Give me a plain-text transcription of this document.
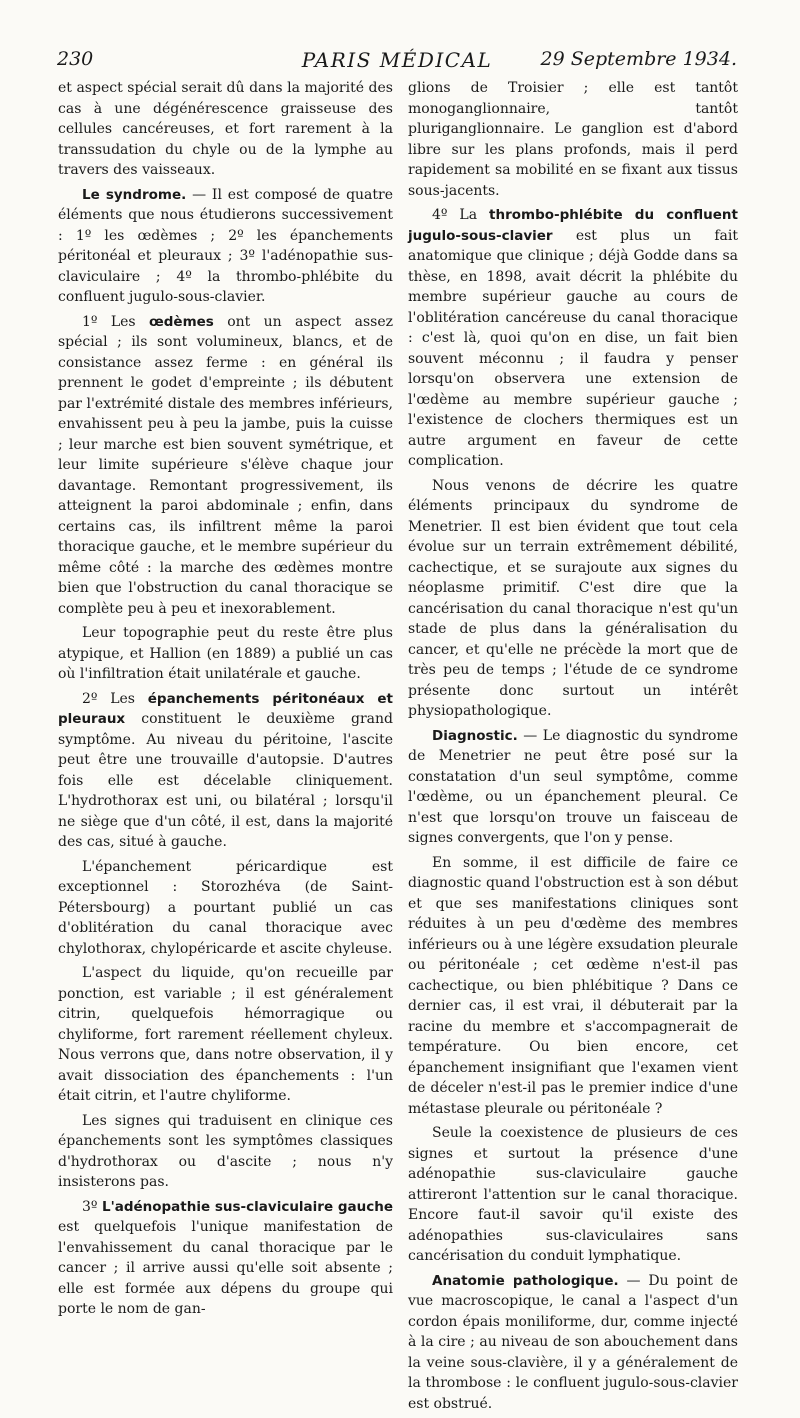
230	PARIS MÉDICAL	29 Septembre 1934.

et aspect spécial serait dû dans la majorité des cas à une dégénérescence graisseuse des cellules cancéreuses, et fort rarement à la transsudation du chyle ou de la lymphe au travers des vaisseaux.

Le syndrome. — Il est composé de quatre éléments que nous étudierons successivement : 1º les œdèmes ; 2º les épanchements péritonéal et pleuraux ; 3º l'adénopathie sus-claviculaire ; 4º la thrombo-phlébite du confluent jugulo-sous-clavier.

1º Les œdèmes ont un aspect assez spécial ; ils sont volumineux, blancs, et de consistance assez ferme : en général ils prennent le godet d'empreinte ; ils débutent par l'extrémité distale des membres inférieurs, envahissent peu à peu la jambe, puis la cuisse ; leur marche est bien souvent symétrique, et leur limite supérieure s'élève chaque jour davantage. Remontant progressivement, ils atteignent la paroi abdominale ; enfin, dans certains cas, ils infiltrent même la paroi thoracique gauche, et le membre supérieur du même côté : la marche des œdèmes montre bien que l'obstruction du canal thoracique se complète peu à peu et inexorablement.

Leur topographie peut du reste être plus atypique, et Hallion (en 1889) a publié un cas où l'infiltration était unilatérale et gauche.

2º Les épanchements péritonéaux et pleuraux constituent le deuxième grand symptôme. Au niveau du péritoine, l'ascite peut être une trouvaille d'autopsie. D'autres fois elle est décelable cliniquement. L'hydrothorax est uni, ou bilatéral ; lorsqu'il ne siège que d'un côté, il est, dans la majorité des cas, situé à gauche.

L'épanchement péricardique est exceptionnel : Storozhéva (de Saint-Pétersbourg) a pourtant publié un cas d'oblitération du canal thoracique avec chylothorax, chylopéricarde et ascite chyleuse.

L'aspect du liquide, qu'on recueille par ponction, est variable ; il est généralement citrin, quelquefois hémorragique ou chyliforme, fort rarement réellement chyleux. Nous verrons que, dans notre observation, il y avait dissociation des épanchements : l'un était citrin, et l'autre chyliforme.

Les signes qui traduisent en clinique ces épanchements sont les symptômes classiques d'hydrothorax ou d'ascite ; nous n'y insisterons pas.

3º L'adénopathie sus-claviculaire gauche est quelquefois l'unique manifestation de l'envahissement du canal thoracique par le cancer ; il arrive aussi qu'elle soit absente ; elle est formée aux dépens du groupe qui porte le nom de gan-

glions de Troisier ; elle est tantôt monoganglionnaire, tantôt pluriganglionnaire. Le ganglion est d'abord libre sur les plans profonds, mais il perd rapidement sa mobilité en se fixant aux tissus sous-jacents.

4º La thrombo-phlébite du confluent jugulo-sous-clavier est plus un fait anatomique que clinique ; déjà Godde dans sa thèse, en 1898, avait décrit la phlébite du membre supérieur gauche au cours de l'oblitération cancéreuse du canal thoracique : c'est là, quoi qu'on en dise, un fait bien souvent méconnu ; il faudra y penser lorsqu'on observera une extension de l'œdème au membre supérieur gauche ; l'existence de clochers thermiques est un autre argument en faveur de cette complication.

Nous venons de décrire les quatre éléments principaux du syndrome de Menetrier. Il est bien évident que tout cela évolue sur un terrain extrêmement débilité, cachectique, et se surajoute aux signes du néoplasme primitif. C'est dire que la cancérisation du canal thoracique n'est qu'un stade de plus dans la généralisation du cancer, et qu'elle ne précède la mort que de très peu de temps ; l'étude de ce syndrome présente donc surtout un intérêt physiopathologique.

Diagnostic. — Le diagnostic du syndrome de Menetrier ne peut être posé sur la constatation d'un seul symptôme, comme l'œdème, ou un épanchement pleural. Ce n'est que lorsqu'on trouve un faisceau de signes convergents, que l'on y pense.

En somme, il est difficile de faire ce diagnostic quand l'obstruction est à son début et que ses manifestations cliniques sont réduites à un peu d'œdème des membres inférieurs ou à une légère exsudation pleurale ou péritonéale ; cet œdème n'est-il pas cachectique, ou bien phlébitique ? Dans ce dernier cas, il est vrai, il débuterait par la racine du membre et s'accompagnerait de température. Ou bien encore, cet épanchement insignifiant que l'examen vient de déceler n'est-il pas le premier indice d'une métastase pleurale ou péritonéale ?

Seule la coexistence de plusieurs de ces signes et surtout la présence d'une adénopathie sus-claviculaire gauche attireront l'attention sur le canal thoracique. Encore faut-il savoir qu'il existe des adénopathies sus-claviculaires sans cancérisation du conduit lymphatique.

Anatomie pathologique. — Du point de vue macroscopique, le canal a l'aspect d'un cordon épais moniliforme, dur, comme injecté à la cire ; au niveau de son abouchement dans la veine sous-clavière, il y a généralement de la thrombose : le confluent jugulo-sous-clavier est obstrué.
